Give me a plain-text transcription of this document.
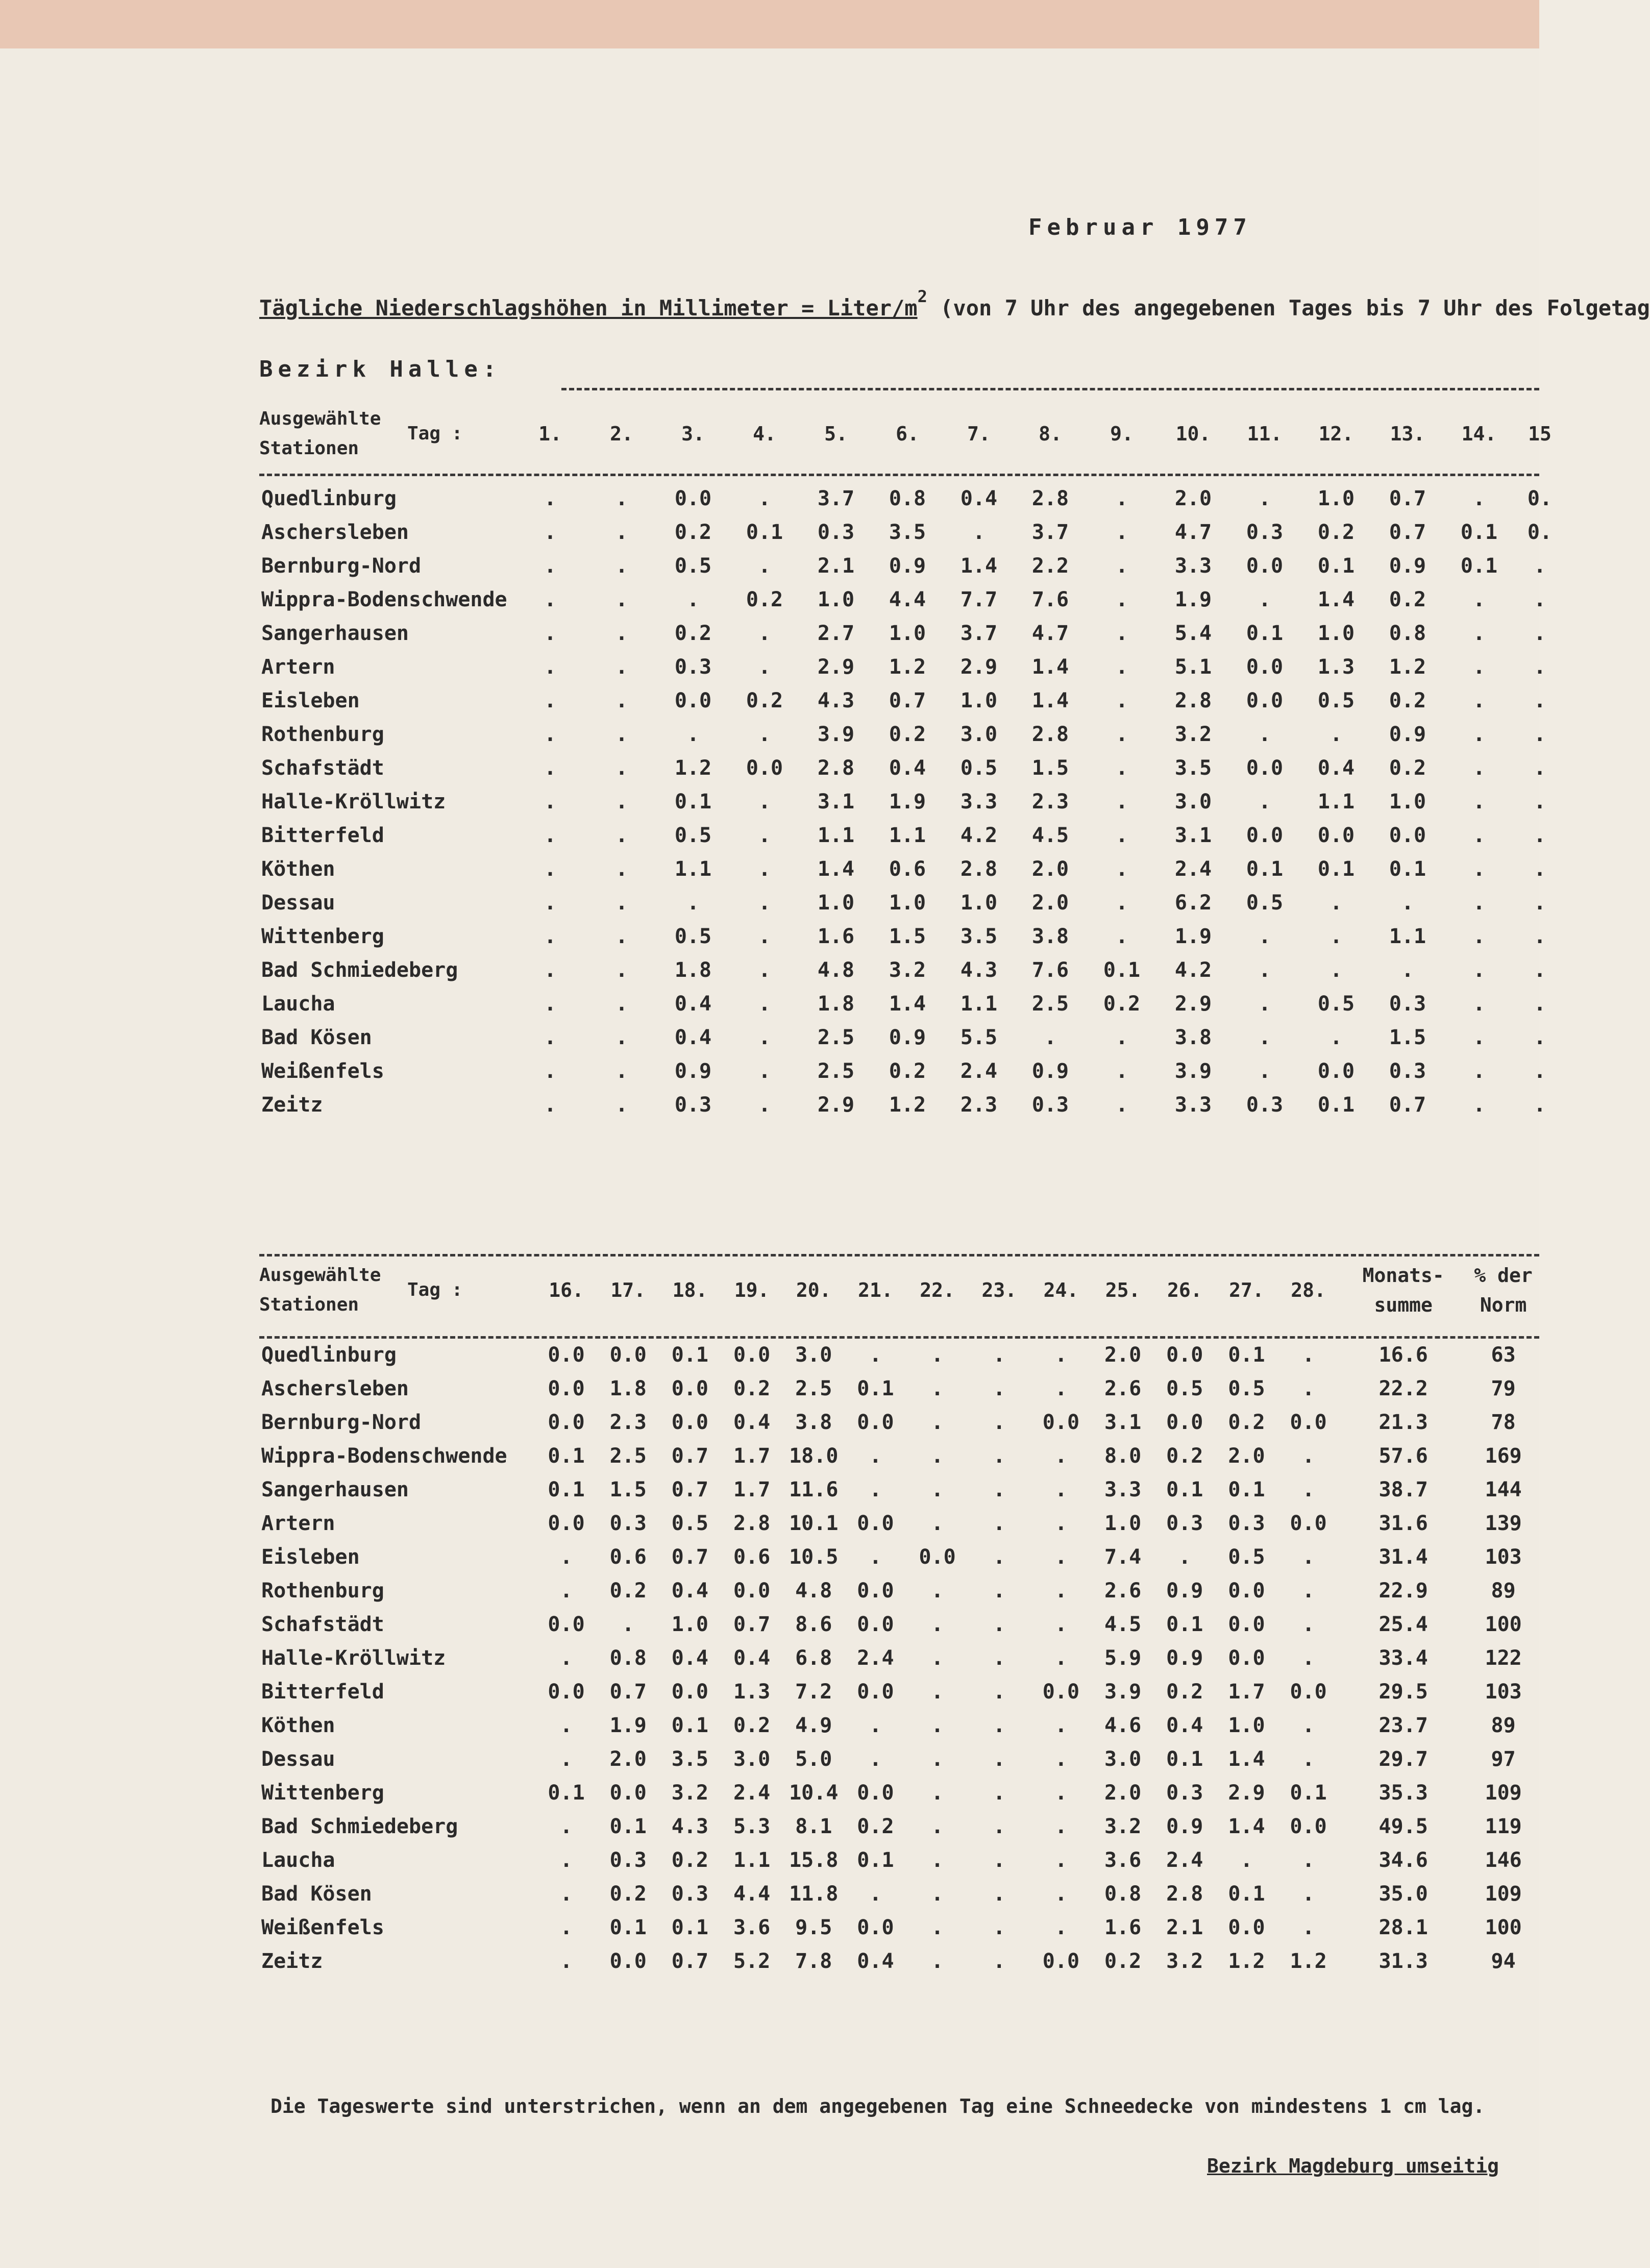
Februar 1977
Tägliche Niederschlagshöhen in Millimeter = Liter/$m^2$ (von 7 Uhr des angegebenen Tages bis 7 Uhr des Folgetag
Bezirk Halle:
Ausgewählte StationenTag :	1.	2.	3.	4.	5.	6.	7.	8.	9.	10.	11.	12.	13.	14.	15

Quedlinburg	.	.	0.0	.	3.7	0.8	0.4	2.8	.	2.0	.	1.0	0.7	.	0.
Aschersleben	.	.	0.2	0.1	0.3	3.5	.	3.7	.	4.7	0.3	0.2	0.7	0.1	0.
Bernburg-Nord	.	.	0.5	.	2.1	0.9	1.4	2.2	.	3.3	0.0	0.1	0.9	0.1	.
Wippra-Bodenschwende	.	.	.	0.2	1.0	4.4	7.7	7.6	.	1.9	.	1.4	0.2	.	.
Sangerhausen	.	.	0.2	.	2.7	1.0	3.7	4.7	.	5.4	0.1	1.0	0.8	.	.
Artern	.	.	0.3	.	2.9	1.2	2.9	1.4	.	5.1	0.0	1.3	1.2	.	.
Eisleben	.	.	0.0	0.2	4.3	0.7	1.0	1.4	.	2.8	0.0	0.5	0.2	.	.
Rothenburg	.	.	.	.	3.9	0.2	3.0	2.8	.	3.2	.	.	0.9	.	.
Schafstädt	.	.	1.2	0.0	2.8	0.4	0.5	1.5	.	3.5	0.0	0.4	0.2	.	.
Halle-Kröllwitz	.	.	0.1	.	3.1	1.9	3.3	2.3	.	3.0	.	1.1	1.0	.	.
Bitterfeld	.	.	0.5	.	1.1	1.1	4.2	4.5	.	3.1	0.0	0.0	0.0	.	.
Köthen	.	.	1.1	.	1.4	0.6	2.8	2.0	.	2.4	0.1	0.1	0.1	.	.
Dessau	.	.	.	.	1.0	1.0	1.0	2.0	.	6.2	0.5	.	.	.	.
Wittenberg	.	.	0.5	.	1.6	1.5	3.5	3.8	.	1.9	.	.	1.1	.	.
Bad Schmiedeberg	.	.	1.8	.	4.8	3.2	4.3	7.6	0.1	4.2	.	.	.	.	.
Laucha	.	.	0.4	.	1.8	1.4	1.1	2.5	0.2	2.9	.	0.5	0.3	.	.
Bad Kösen	.	.	0.4	.	2.5	0.9	5.5	.	.	3.8	.	.	1.5	.	.
Weißenfels	.	.	0.9	.	2.5	0.2	2.4	0.9	.	3.9	.	0.0	0.3	.	.
Zeitz	.	.	0.3	.	2.9	1.2	2.3	0.3	.	3.3	0.3	0.1	0.7	.	.
Ausgewählte StationenTag :	16.	17.	18.	19.	20.	21.	22.	23.	24.	25.	26.	27.	28.	Monats- summe	% der Norm

Quedlinburg	0.0	0.0	0.1	0.0	3.0	.	.	.	.	2.0	0.0	0.1	.	16.6	63
Aschersleben	0.0	1.8	0.0	0.2	2.5	0.1	.	.	.	2.6	0.5	0.5	.	22.2	79
Bernburg-Nord	0.0	2.3	0.0	0.4	3.8	0.0	.	.	0.0	3.1	0.0	0.2	0.0	21.3	78
Wippra-Bodenschwende	0.1	2.5	0.7	1.7	18.0	.	.	.	.	8.0	0.2	2.0	.	57.6	169
Sangerhausen	0.1	1.5	0.7	1.7	11.6	.	.	.	.	3.3	0.1	0.1	.	38.7	144
Artern	0.0	0.3	0.5	2.8	10.1	0.0	.	.	.	1.0	0.3	0.3	0.0	31.6	139
Eisleben	.	0.6	0.7	0.6	10.5	.	0.0	.	.	7.4	.	0.5	.	31.4	103
Rothenburg	.	0.2	0.4	0.0	4.8	0.0	.	.	.	2.6	0.9	0.0	.	22.9	89
Schafstädt	0.0	.	1.0	0.7	8.6	0.0	.	.	.	4.5	0.1	0.0	.	25.4	100
Halle-Kröllwitz	.	0.8	0.4	0.4	6.8	2.4	.	.	.	5.9	0.9	0.0	.	33.4	122
Bitterfeld	0.0	0.7	0.0	1.3	7.2	0.0	.	.	0.0	3.9	0.2	1.7	0.0	29.5	103
Köthen	.	1.9	0.1	0.2	4.9	.	.	.	.	4.6	0.4	1.0	.	23.7	89
Dessau	.	2.0	3.5	3.0	5.0	.	.	.	.	3.0	0.1	1.4	.	29.7	97
Wittenberg	0.1	0.0	3.2	2.4	10.4	0.0	.	.	.	2.0	0.3	2.9	0.1	35.3	109
Bad Schmiedeberg	.	0.1	4.3	5.3	8.1	0.2	.	.	.	3.2	0.9	1.4	0.0	49.5	119
Laucha	.	0.3	0.2	1.1	15.8	0.1	.	.	.	3.6	2.4	.	.	34.6	146
Bad Kösen	.	0.2	0.3	4.4	11.8	.	.	.	.	0.8	2.8	0.1	.	35.0	109
Weißenfels	.	0.1	0.1	3.6	9.5	0.0	.	.	.	1.6	2.1	0.0	.	28.1	100
Zeitz	.	0.0	0.7	5.2	7.8	0.4	.	.	0.0	0.2	3.2	1.2	1.2	31.3	94
Die Tageswerte sind unterstrichen, wenn an dem angegebenen Tag eine Schneedecke von mindestens 1 cm lag.
Bezirk Magdeburg umseitig
